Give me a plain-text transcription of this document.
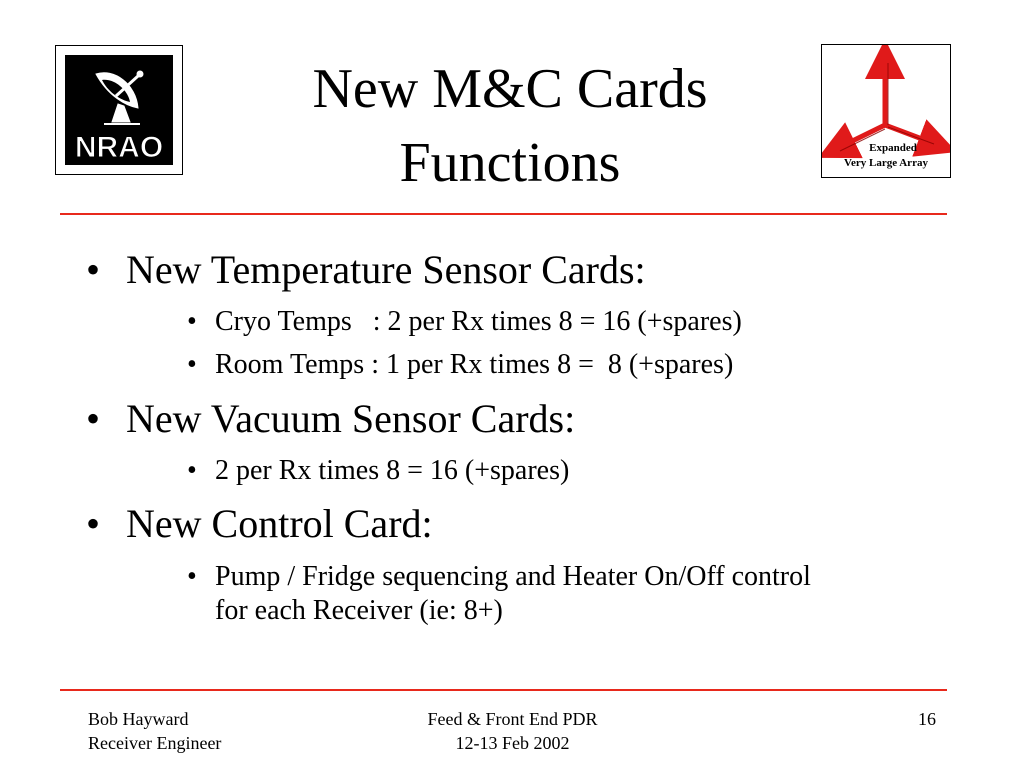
NRAO
New M&C Cards
Functions	Expanded
Very Large Array
• New Temperature Sensor Cards:
• Cryo Temps   : 2 per Rx times 8 = 16 (+spares)
• Room Temps : 1 per Rx times 8 =  8 (+spares)
• New Vacuum Sensor Cards:
• 2 per Rx times 8 = 16 (+spares)
• New Control Card:
• Pump / Fridge sequencing and Heater On/Off control
for each Receiver (ie: 8+)
Bob Hayward
Receiver Engineer
Feed & Front End PDR
12-13 Feb 2002
16
